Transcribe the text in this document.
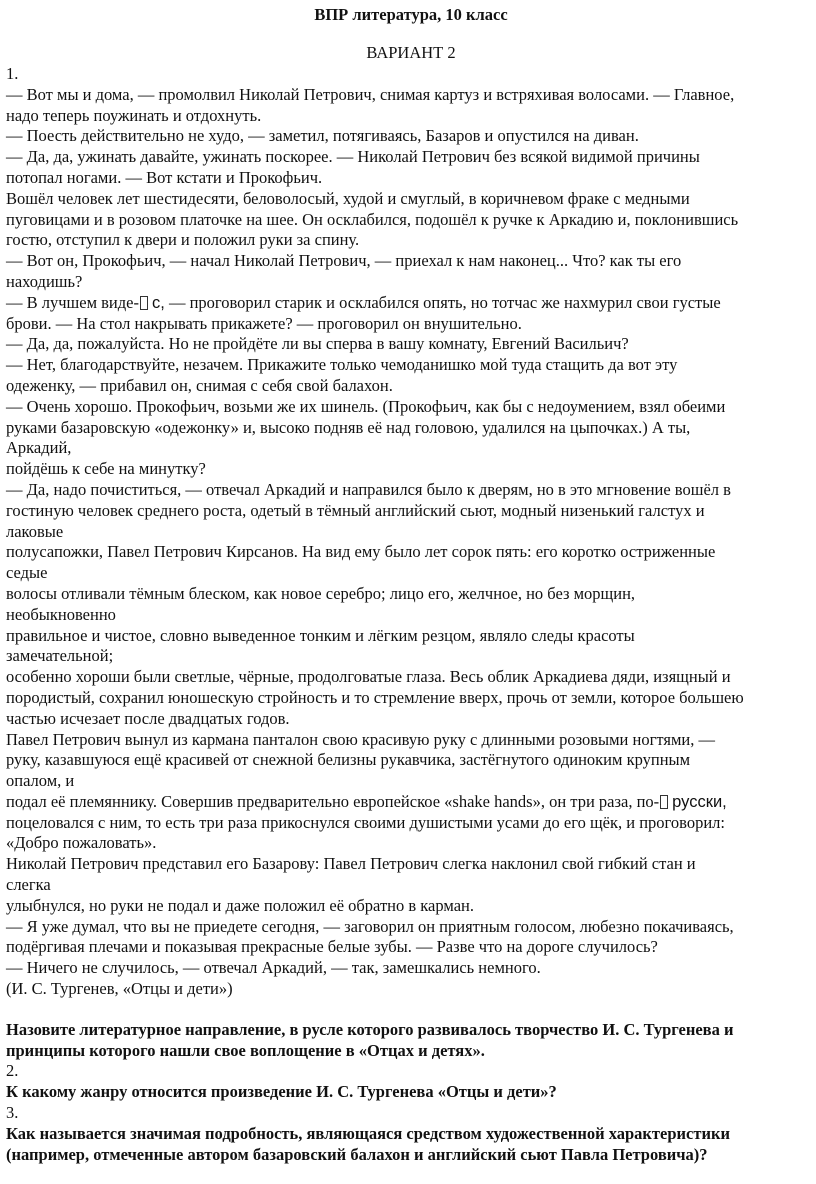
ВПР литература, 10 класс

ВАРИАНТ 2

1.

— Вот мы и дома, — промолвил Николай Петрович, снимая картуз и встряхивая волосами. — Главное,

надо теперь поужинать и отдохнуть.

— Поесть действительно не худо, — заметил, потягиваясь, Базаров и опустился на диван.

— Да, да, ужинать давайте, ужинать поскорее. — Николай Петрович без всякой видимой причины

потопал ногами. — Вот кстати и Прокофьич.

Вошёл человек лет шестидесяти, беловолосый, худой и смуглый, в коричневом фраке с медными

пуговицами и в розовом платочке на шее. Он осклабился, подошёл к ручке к Аркадию и, поклонившись

гостю, отступил к двери и положил руки за спину.

— Вот он, Прокофьич, — начал Николай Петрович, — приехал к нам наконец... Что? как ты его

находишь?

— В лучшем виде- с, — проговорил старик и осклабился опять, но тотчас же нахмурил свои густые

брови. — На стол накрывать прикажете? — проговорил он внушительно.

— Да, да, пожалуйста. Но не пройдёте ли вы сперва в вашу комнату, Евгений Васильич?

— Нет, благодарствуйте, незачем. Прикажите только чемоданишко мой туда стащить да вот эту

одеженку, — прибавил он, снимая с себя свой балахон.

— Очень хорошо. Прокофьич, возьми же их шинель. (Прокофьич, как бы с недоумением, взял обеими

руками базаровскую «одежонку» и, высоко подняв её над головою, удалился на цыпочках.) А ты,

Аркадий,

пойдёшь к себе на минутку?

— Да, надо почиститься, — отвечал Аркадий и направился было к дверям, но в это мгновение вошёл в

гостиную человек среднего роста, одетый в тёмный английский сьют, модный низенький галстух и

лаковые

полусапожки, Павел Петрович Кирсанов. На вид ему было лет сорок пять: его коротко остриженные

седые

волосы отливали тёмным блеском, как новое серебро; лицо его, желчное, но без морщин,

необыкновенно

правильное и чистое, словно выведенное тонким и лёгким резцом, являло следы красоты

замечательной;

особенно хороши были светлые, чёрные, продолговатые глаза. Весь облик Аркадиева дяди, изящный и

породистый, сохранил юношескую стройность и то стремление вверх, прочь от земли, которое большею

частью исчезает после двадцатых годов.

Павел Петрович вынул из кармана панталон свою красивую руку с длинными розовыми ногтями, —

руку, казавшуюся ещё красивей от снежной белизны рукавчика, застёгнутого одиноким крупным

опалом, и

подал её племяннику. Совершив предварительно европейское «shake hands», он три раза, по- русски,

поцеловался с ним, то есть три раза прикоснулся своими душистыми усами до его щёк, и проговорил:

«Добро пожаловать».

Николай Петрович представил его Базарову: Павел Петрович слегка наклонил свой гибкий стан и

слегка

улыбнулся, но руки не подал и даже положил её обратно в карман.

— Я уже думал, что вы не приедете сегодня, — заговорил он приятным голосом, любезно покачиваясь,

подёргивая плечами и показывая прекрасные белые зубы. — Разве что на дороге случилось?

— Ничего не случилось, — отвечал Аркадий, — так, замешкались немного.

(И. С. Тургенев, «Отцы и дети»)

Назовите литературное направление, в русле которого развивалось творчество И. С. Тургенева и

принципы которого нашли свое воплощение в «Отцах и детях».

2.

К какому жанру относится произведение И. С. Тургенева «Отцы и дети»?

3.

Как называется значимая подробность, являющаяся средством художественной характеристики

(например, отмеченные автором базаровский балахон и английский сьют Павла Петровича)?
